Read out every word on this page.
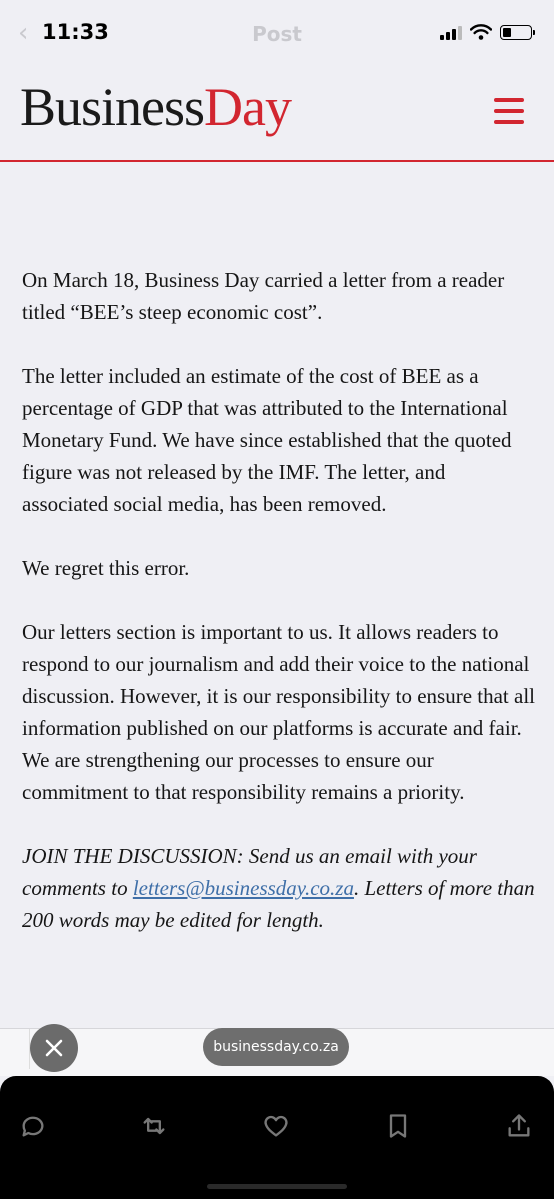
‹ 11:33	Post
BusinessDay

On March 18, Business Day carried a letter from a reader titled “BEE’s steep economic cost”.

The letter included an estimate of the cost of BEE as a percentage of GDP that was attributed to the International Monetary Fund. We have since established that the quoted figure was not released by the IMF. The letter, and associated social media, has been removed.

We regret this error.

Our letters section is important to us. It allows readers to respond to our journalism and add their voice to the national discussion. However, it is our responsibility to ensure that all information published on our platforms is accurate and fair. We are strengthening our processes to ensure our commitment to that responsibility remains a priority.

JOIN THE DISCUSSION: Send us an email with your comments to letters@businessday.co.za. Letters of more than 200 words may be edited for length.

businessday.co.za
